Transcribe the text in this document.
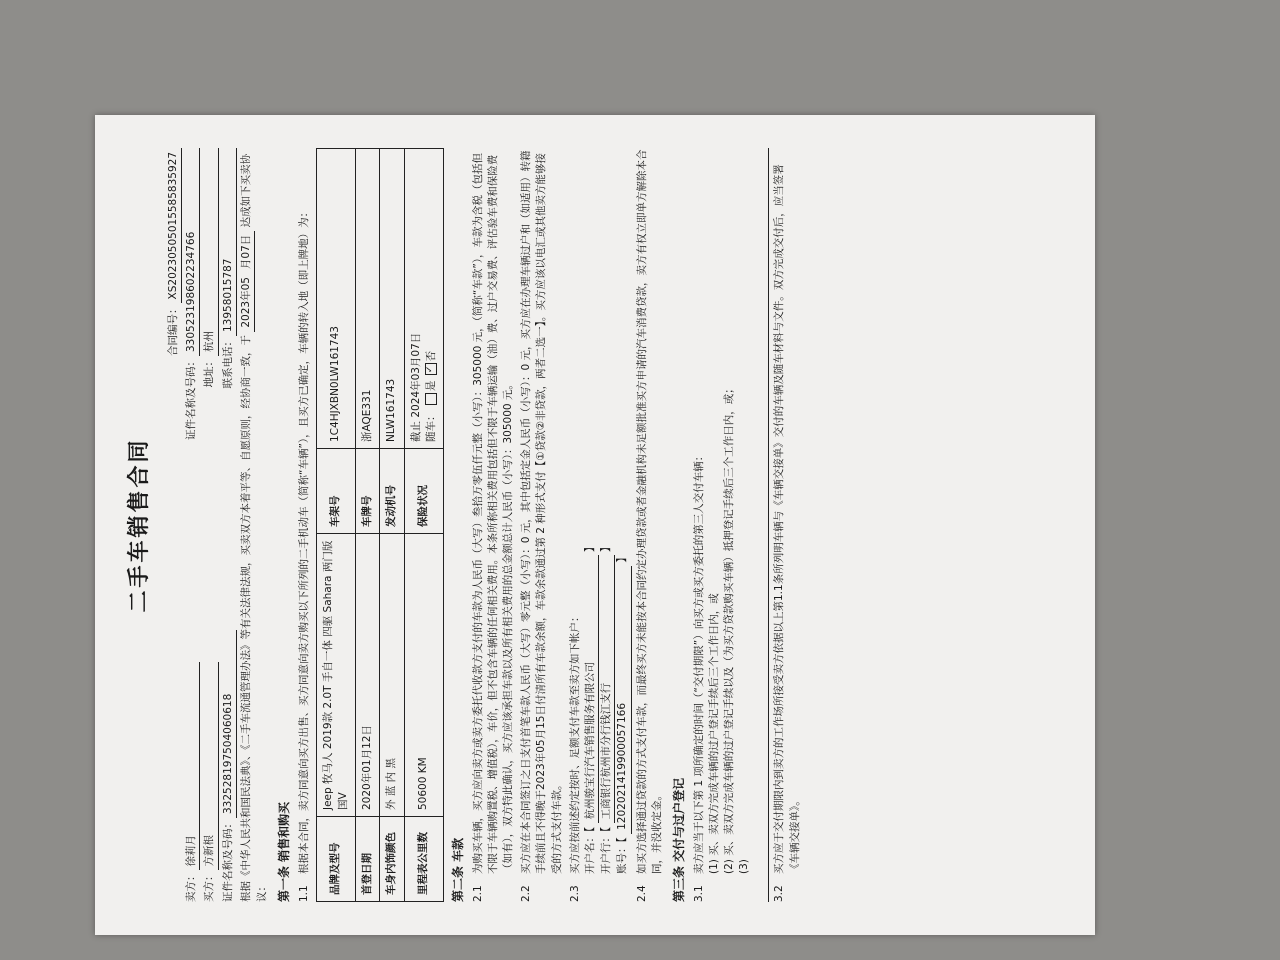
二手车销售合同
合同编号：XS20230505015585835927
卖方：徐莉月
证件名称及号码：330523198602234766
买方：方新根
地址：杭州
证件名称及号码：332528197504060618
联系电话：13958015787
根据《中华人民共和国民法典》、《二手车流通管理办法》等有关法律法规，买卖双方本着平等、自愿原则，经协商一致，于 2023年05月07日 达成如下买卖协议： 第一条 销售和购买 1.1
根据本合同，卖方同意向买方出售、买方同意向卖方购买以下所列的二手机动车（简称“车辆”），且买方已确定，车辆的转入地（即上牌地）为： 品牌及型号	Jeep 牧马人 2019款 2.0T 手自一体 四驱 Sahara 两门版国V	车架号	1C4HJXBN0LW161743
首登日期	2020年01月12日	车牌号	浙AQE331
车身内饰颜色	外 蓝 内 黑	发动机号	NLW161743
里程表公里数	50600 KM	保险状况	截止 2024年03月07日
随车： 是 ✓否
第二条 车款 2.1
为购买车辆，买方应向卖方或卖方委托代收款方支付的车款为人民币（大写）叁拾万零伍仟元整（小写）：305000 元，（简称“车款”），车款为含税（包括但不限于车辆购置税、增值税），车价，但不包含车辆的任何相关费用。本条所称相关费用包括但不限于车辆运输（油）费、过户交易费、评估验车费和保险费（如有），双方特此确认，买方应该承担车款以及所有相关费用的总金额总计人民币（小写）：305000 元。
2.2
买方应在本合同签订之日支付首笔车款人民币（大写）零元整（小写）：0 元，其中包括定金人民币（小写）：0 元，买方应在办理车辆过户和（如适用）转籍手续前且不得晚于2023年05月15日付清所有车款余额，车款余款通过第 2 种形式支付【①贷款②非贷款，两者二选一】。买方应该以电汇或其他卖方能够接受的方式支付车款。
2.3
买方应按前述约定按时、足额支付车款至卖方如下帐户： 开户名：【 杭州骏宝行汽车销售服务有限公司 】
开户行：【 工商银行杭州市分行钱江支行 】
账号：【 1202021419900057166 】
2.4
如买方选择通过贷款的方式支付车款，而最终买方未能按本合同约定办理贷款或者金融机构未足额批准买方申请的汽车消费贷款，卖方有权立即单方解除本合同，并没收定金。 第三条 交付与过户登记 3.1
卖方应当于以下第 1 项所确定的时间（“交付期限”）向买方或买方委托的第三人交付车辆： (1) 买、卖双方完成车辆的过户登记手续后三个工作日内，或 (2) 买、卖双方完成车辆的过户登记手续以及（为买方贷款购买车辆）抵押登记手续后三个工作日内，或； (3)
3.2
买方应于交付期限内到卖方的工作场所接受卖方依据以上第1.1条所列明车辆与《车辆交接单》交付的车辆及随车材料与文件。双方完成交付后，应当签署《车辆交接单》。
